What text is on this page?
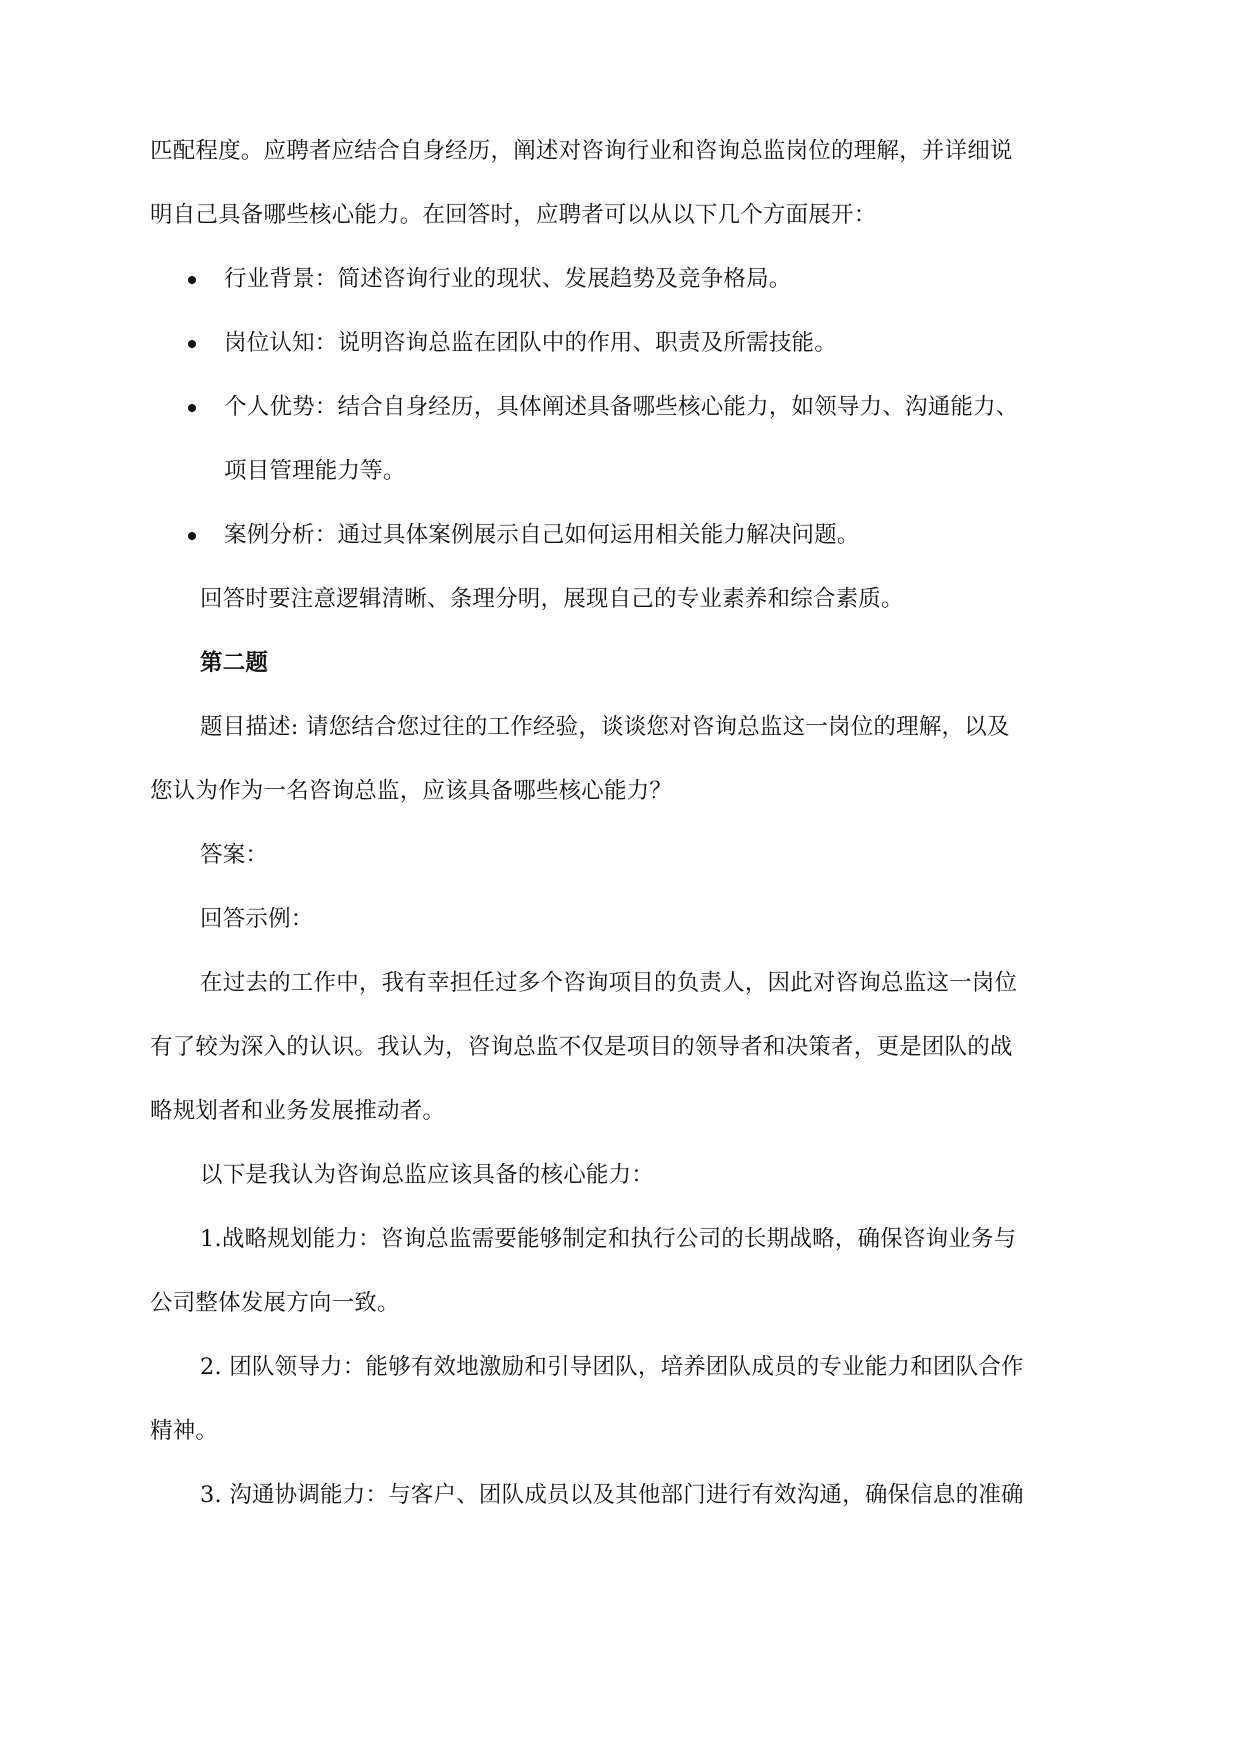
匹配程度。应聘者应结合自身经历，阐述对咨询行业和咨询总监岗位的理解，并详细说
明自己具备哪些核心能力。在回答时，应聘者可以从以下几个方面展开：
行业背景：简述咨询行业的现状、发展趋势及竞争格局。
岗位认知：说明咨询总监在团队中的作用、职责及所需技能。
个人优势：结合自身经历，具体阐述具备哪些核心能力，如领导力、沟通能力、
项目管理能力等。
案例分析：通过具体案例展示自己如何运用相关能力解决问题。
回答时要注意逻辑清晰、条理分明，展现自己的专业素养和综合素质。
第二题
题目描述: 请您结合您过往的工作经验，谈谈您对咨询总监这一岗位的理解，以及
您认为作为一名咨询总监，应该具备哪些核心能力？
答案：
回答示例：
在过去的工作中，我有幸担任过多个咨询项目的负责人，因此对咨询总监这一岗位
有了较为深入的认识。我认为，咨询总监不仅是项目的领导者和决策者，更是团队的战
略规划者和业务发展推动者。
以下是我认为咨询总监应该具备的核心能力：
1.战略规划能力：咨询总监需要能够制定和执行公司的长期战略，确保咨询业务与
公司整体发展方向一致。
2. 团队领导力：能够有效地激励和引导团队，培养团队成员的专业能力和团队合作
精神。
3. 沟通协调能力：与客户、团队成员以及其他部门进行有效沟通，确保信息的准确
